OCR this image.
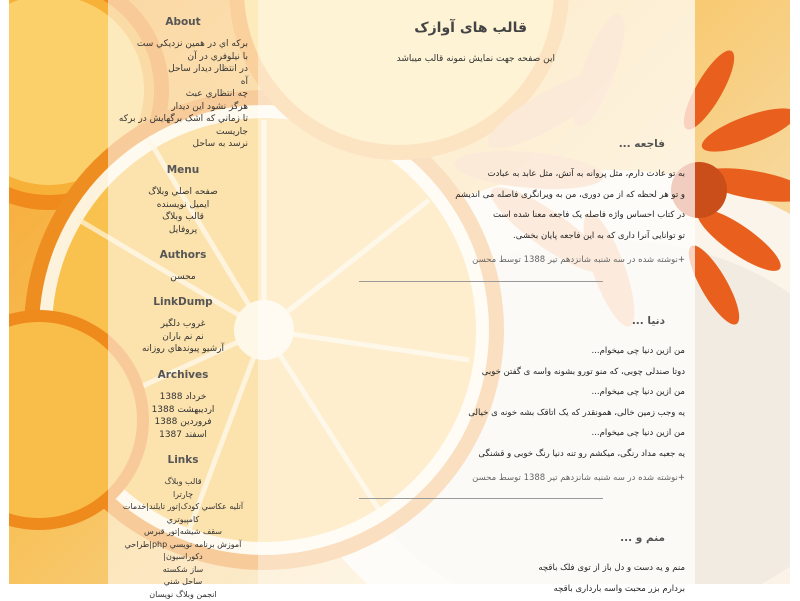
About
برکه اي در همين نزديکي ست
با نيلوفري در آن
در انتظار ديدار ساحل
آه
چه انتظاري عبث
هرگز نشود اين ديدار
تا زماني که اشک برگهايش در برکه
جاريست
نرسد به ساحل
Menu
صفحه اصلي وبلاگ
ايميل نويسنده
قالب وبلاگ
پروفايل
Authors
محسن
LinkDump
غروب دلگير
نم نم باران
آرشيو پيوندهاي روزانه
Archives
خرداد 1388
ارديبهشت 1388
فروردين 1388
اسفند 1387
Links
قالب وبلاگ
چارترا
آتليه عکاسي کودک|تور تايلند|خدمات
کامپيوتري
سقف شيشه|تور قبرس
آموزش برنامه نويسي php|طراحي
دکوراسيون|
ساز شکسته
ساحل شني
انجمن وبلاگ نويسان
قالب های آوازک
این صفحه جهت نمایش نمونه قالب میباشد
فاجعه ...
به تو عادت دارم، مثل پروانه به آتش، مثل عابد به عبادت
و تو هر لحظه که از من دوری، من به ویرانگری فاصله می اندیشم
در کتاب احساس واژه فاصله یک فاجعه معنا شده است
تو توانایی آنرا داری که به این فاجعه پایان بخشی.
+نوشته شده در سه شنبه شانزدهم تیر 1388 توسط محسن
دنیا ...
من ازین دنیا چی میخوام...
دوتا صندلی چوبی، که منو تورو بشونه واسه ی گفتن خوبی
من ازین دنیا چی میخوام...
یه وجب زمین خالی، همونقدر که یک اتاقک بشه خونه ی خیالی
من ازین دنیا چی میخوام...
یه جعبه مداد رنگی، میکشم رو تنه دنیا رنگ خوبی و قشنگی
+نوشته شده در سه شنبه شانزدهم تیر 1388 توسط محسن
منم و ...
منم و یه دست و دل باز از توی فلک باقچه
بردارم بزر محبت واسه بارداری باقچه
